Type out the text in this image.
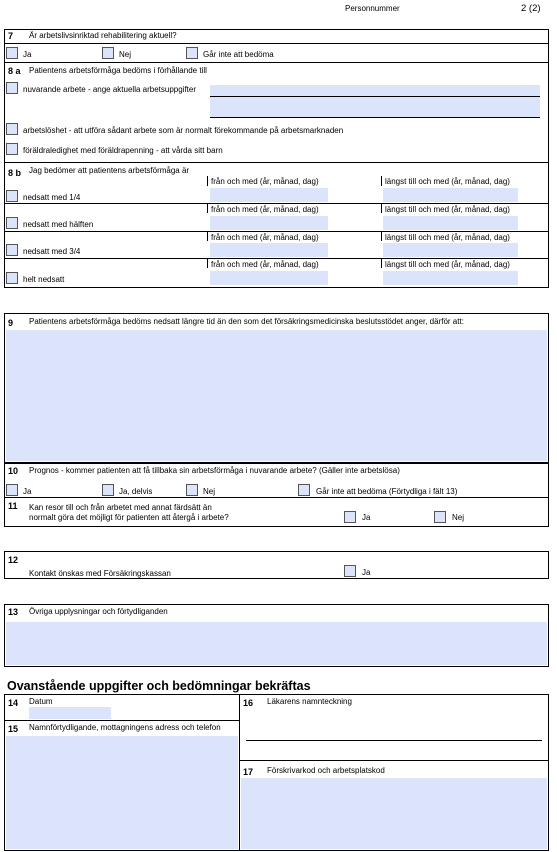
Personnummer	2 (2)
7 Är arbetslivsinriktad rehabilitering aktuell?
Ja	Nej	Går inte att bedöma
8 a Patientens arbetsförmåga bedöms i förhållande till
nuvarande arbete - ange aktuella arbetsuppgifter
arbetslöshet - att utföra sådant arbete som är normalt förekommande på arbetsmarknaden
föräldraledighet med föräldrapenning - att vårda sitt barn
8 b Jag bedömer att patientens arbetsförmåga är
från och med (år, månad, dag)	längst till och med (år, månad, dag)
nedsatt med 1/4
från och med (år, månad, dag)	längst till och med (år, månad, dag)
nedsatt med hälften
från och med (år, månad, dag)	längst till och med (år, månad, dag)
nedsatt med 3/4
från och med (år, månad, dag)	längst till och med (år, månad, dag)
helt nedsatt
9 Patientens arbetsförmåga bedöms nedsatt längre tid än den som det försäkringsmedicinska beslutsstödet anger, därför att:
10 Prognos - kommer patienten att få tillbaka sin arbetsförmåga i nuvarande arbete? (Gäller inte arbetslösa)
Ja	Ja, delvis	Nej	Går inte att bedöma (Förtydliga i fält 13)
11 Kan resor till och från arbetet med annat färdsätt än
normalt göra det möjligt för patienten att återgå i arbete?	Ja	Nej
12
Kontakt önskas med Försäkringskassan	Ja
13 Övriga upplysningar och förtydliganden
Ovanstående uppgifter och bedömningar bekräftas
14 Datum
15 Namnförtydligande, mottagningens adress och telefon
16 Läkarens namnteckning
17 Förskrivarkod och arbetsplatskod
